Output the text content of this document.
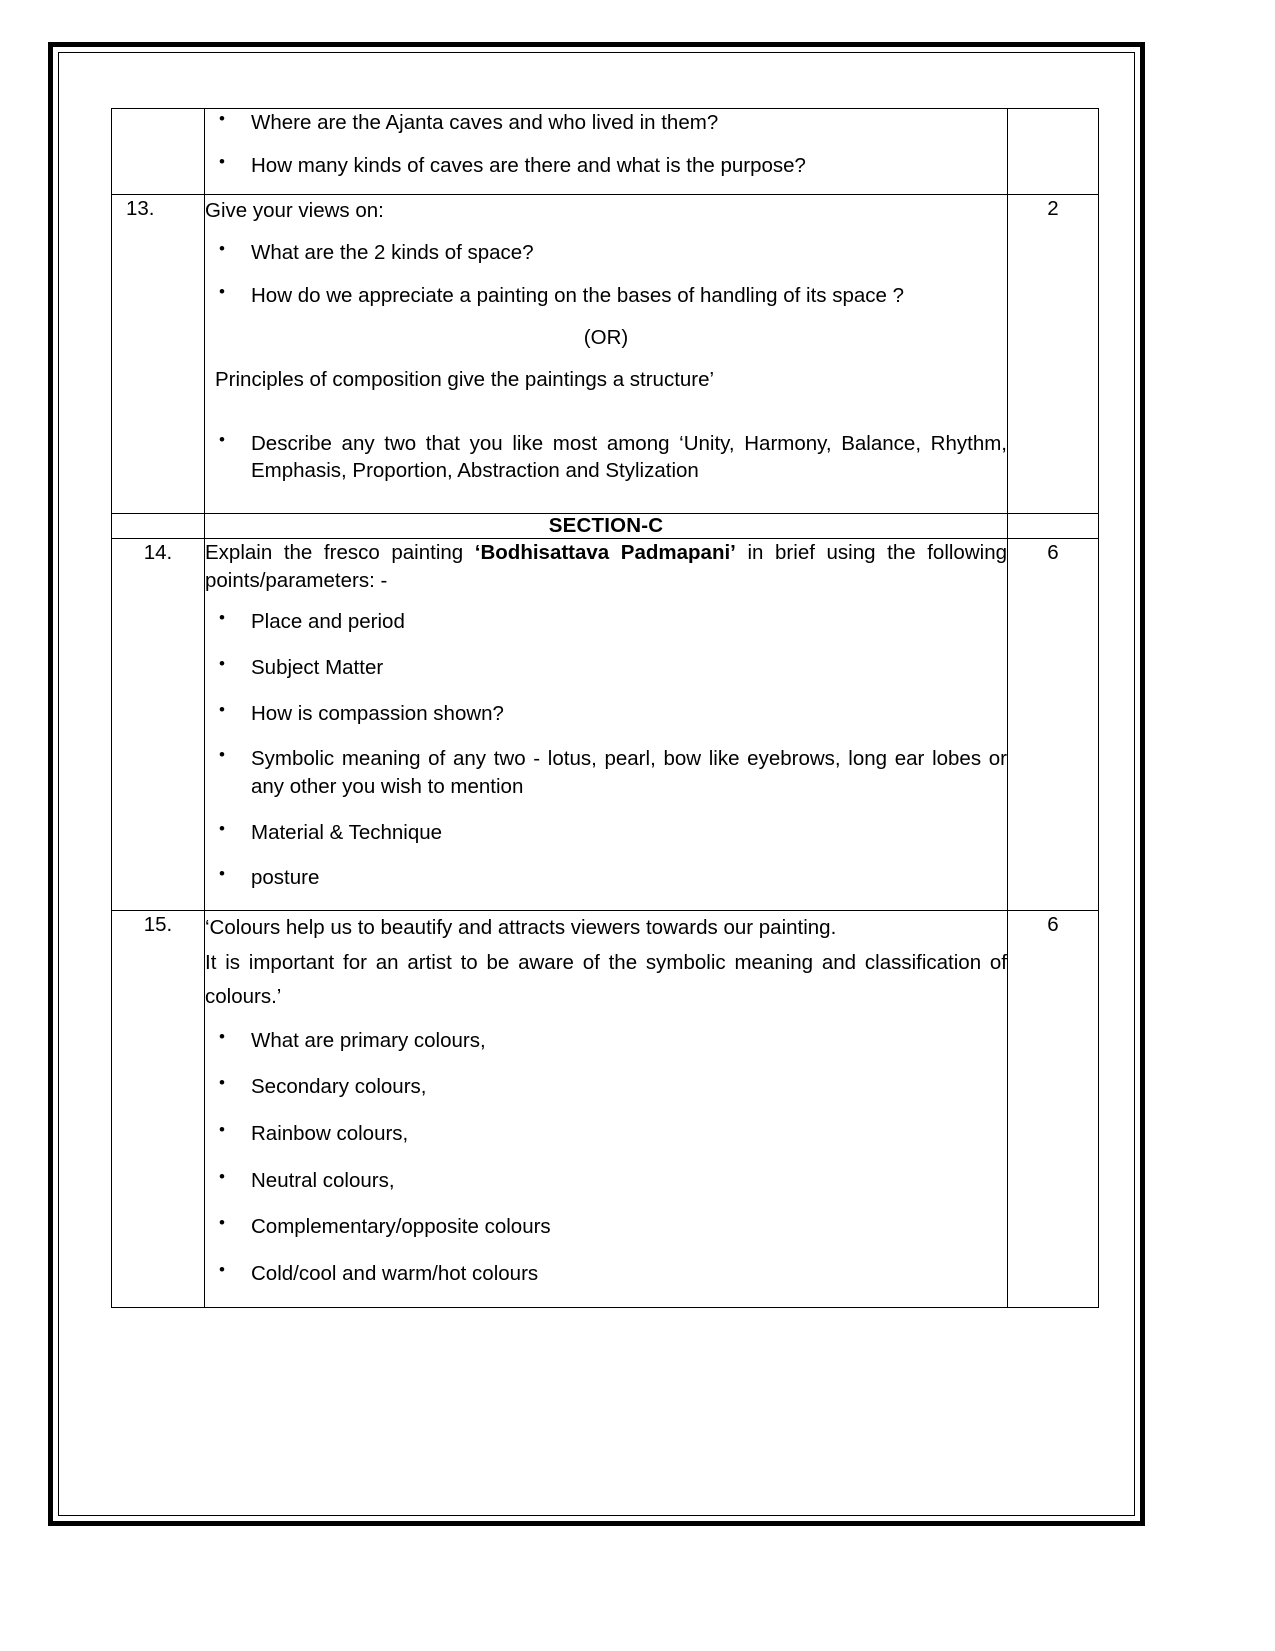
• Where are the Ajanta caves and who lived in them?
• How many kinds of caves are there and what is the purpose?

13.	Give your views on:

• What are the 2 kinds of space?
• How do we appreciate a painting on the bases of handling of its space ?

(OR)

Principles of composition give the paintings a structure’

• Describe any two that you like most among ‘Unity, Harmony, Balance, Rhythm, Emphasis, Proportion, Abstraction and Stylization
	2
	SECTION-C	
14.	Explain the fresco painting ‘Bodhisattava Padmapani’ in brief using the following points/parameters: -

• Place and period
• Subject Matter
• How is compassion shown?
• Symbolic meaning of any two - lotus, pearl, bow like eyebrows, long ear lobes or any other you wish to mention
• Material & Technique
• posture
	6
15.	‘Colours help us to beautify and attracts viewers towards our painting.

It is important for an artist to be aware of the symbolic meaning and classification of colours.’

• What are primary colours,
• Secondary colours,
• Rainbow colours,
• Neutral colours,
• Complementary/opposite colours
• Cold/cool and warm/hot colours
	6
